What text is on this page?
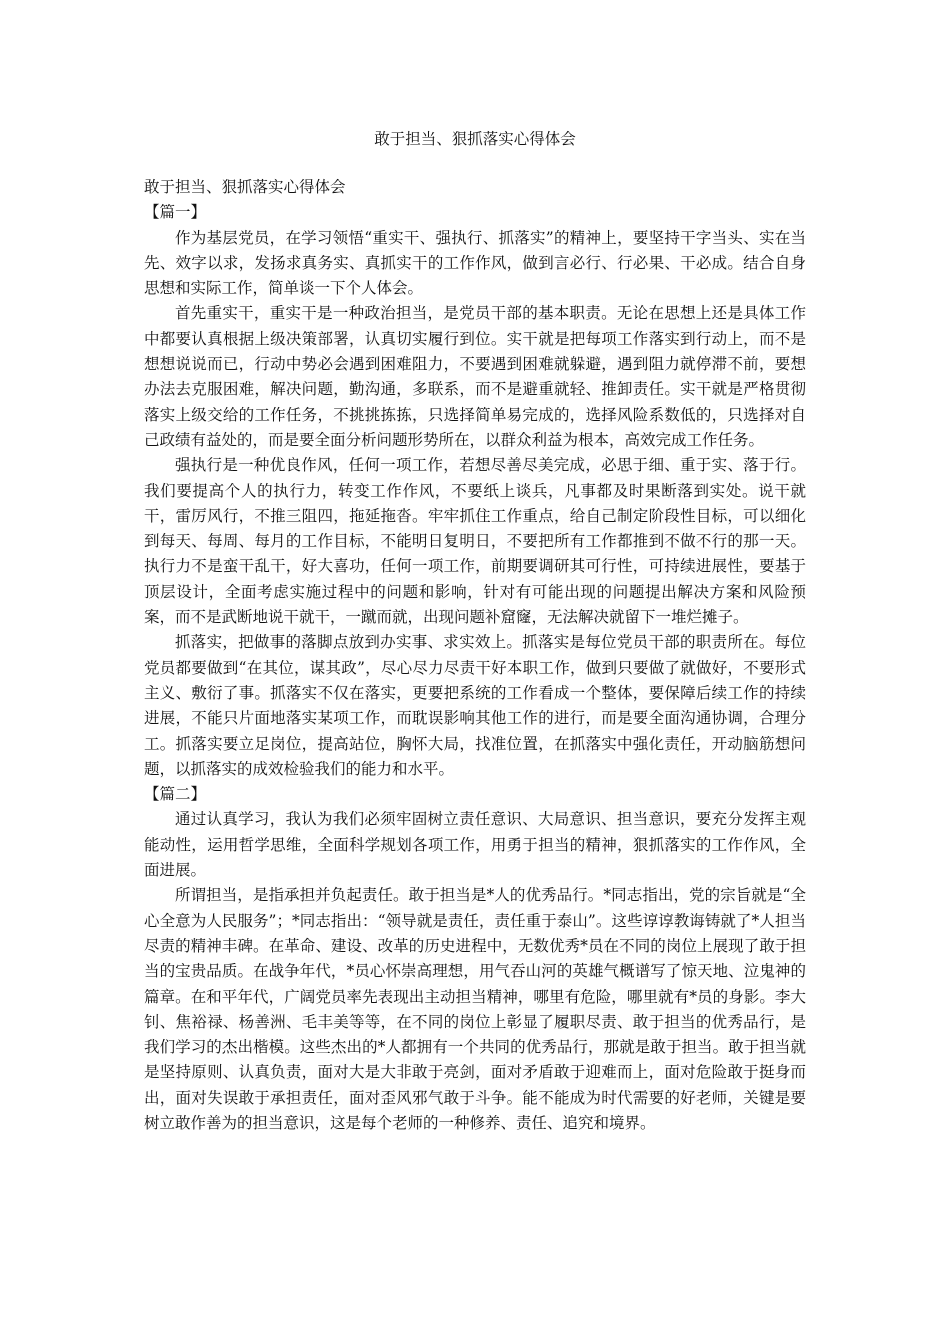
敢于担当、狠抓落实心得体会

敢于担当、狠抓落实心得体会

【篇一】

作为基层党员，在学习领悟“重实干、强执行、抓落实”的精神上，要坚持干字当头、实在当先、效字以求，发扬求真务实、真抓实干的工作作风，做到言必行、行必果、干必成。结合自身思想和实际工作，简单谈一下个人体会。

首先重实干，重实干是一种政治担当，是党员干部的基本职责。无论在思想上还是具体工作中都要认真根据上级决策部署，认真切实履行到位。实干就是把每项工作落实到行动上，而不是想想说说而已，行动中势必会遇到困难阻力，不要遇到困难就躲避，遇到阻力就停滞不前，要想办法去克服困难，解决问题，勤沟通，多联系，而不是避重就轻、推卸责任。实干就是严格贯彻落实上级交给的工作任务，不挑挑拣拣，只选择简单易完成的，选择风险系数低的，只选择对自己政绩有益处的，而是要全面分析问题形势所在，以群众利益为根本，高效完成工作任务。

强执行是一种优良作风，任何一项工作，若想尽善尽美完成，必思于细、重于实、落于行。我们要提高个人的执行力，转变工作作风，不要纸上谈兵，凡事都及时果断落到实处。说干就干，雷厉风行，不推三阻四，拖延拖沓。牢牢抓住工作重点，给自己制定阶段性目标，可以细化到每天、每周、每月的工作目标，不能明日复明日，不要把所有工作都推到不做不行的那一天。执行力不是蛮干乱干，好大喜功，任何一项工作，前期要调研其可行性，可持续进展性，要基于顶层设计，全面考虑实施过程中的问题和影响，针对有可能出现的问题提出解决方案和风险预案，而不是武断地说干就干，一蹴而就，出现问题补窟窿，无法解决就留下一堆烂摊子。

抓落实，把做事的落脚点放到办实事、求实效上。抓落实是每位党员干部的职责所在。每位党员都要做到“在其位，谋其政”，尽心尽力尽责干好本职工作，做到只要做了就做好，不要形式主义、敷衍了事。抓落实不仅在落实，更要把系统的工作看成一个整体，要保障后续工作的持续进展，不能只片面地落实某项工作，而耽误影响其他工作的进行，而是要全面沟通协调，合理分工。抓落实要立足岗位，提高站位，胸怀大局，找准位置，在抓落实中强化责任，开动脑筋想问题，以抓落实的成效检验我们的能力和水平。

【篇二】

通过认真学习，我认为我们必须牢固树立责任意识、大局意识、担当意识，要充分发挥主观能动性，运用哲学思维，全面科学规划各项工作，用勇于担当的精神，狠抓落实的工作作风，全面进展。

所谓担当，是指承担并负起责任。敢于担当是*人的优秀品行。*同志指出，党的宗旨就是“全心全意为人民服务”；*同志指出：“领导就是责任，责任重于泰山”。这些谆谆教诲铸就了*人担当尽责的精神丰碑。在革命、建设、改革的历史进程中，无数优秀*员在不同的岗位上展现了敢于担当的宝贵品质。在战争年代，*员心怀崇高理想，用气吞山河的英雄气概谱写了惊天地、泣鬼神的篇章。在和平年代，广阔党员率先表现出主动担当精神，哪里有危险，哪里就有*员的身影。李大钊、焦裕禄、杨善洲、毛丰美等等，在不同的岗位上彰显了履职尽责、敢于担当的优秀品行，是我们学习的杰出楷模。这些杰出的*人都拥有一个共同的优秀品行，那就是敢于担当。敢于担当就是坚持原则、认真负责，面对大是大非敢于亮剑，面对矛盾敢于迎难而上，面对危险敢于挺身而出，面对失误敢于承担责任，面对歪风邪气敢于斗争。能不能成为时代需要的好老师，关键是要树立敢作善为的担当意识，这是每个老师的一种修养、责任、追究和境界。
